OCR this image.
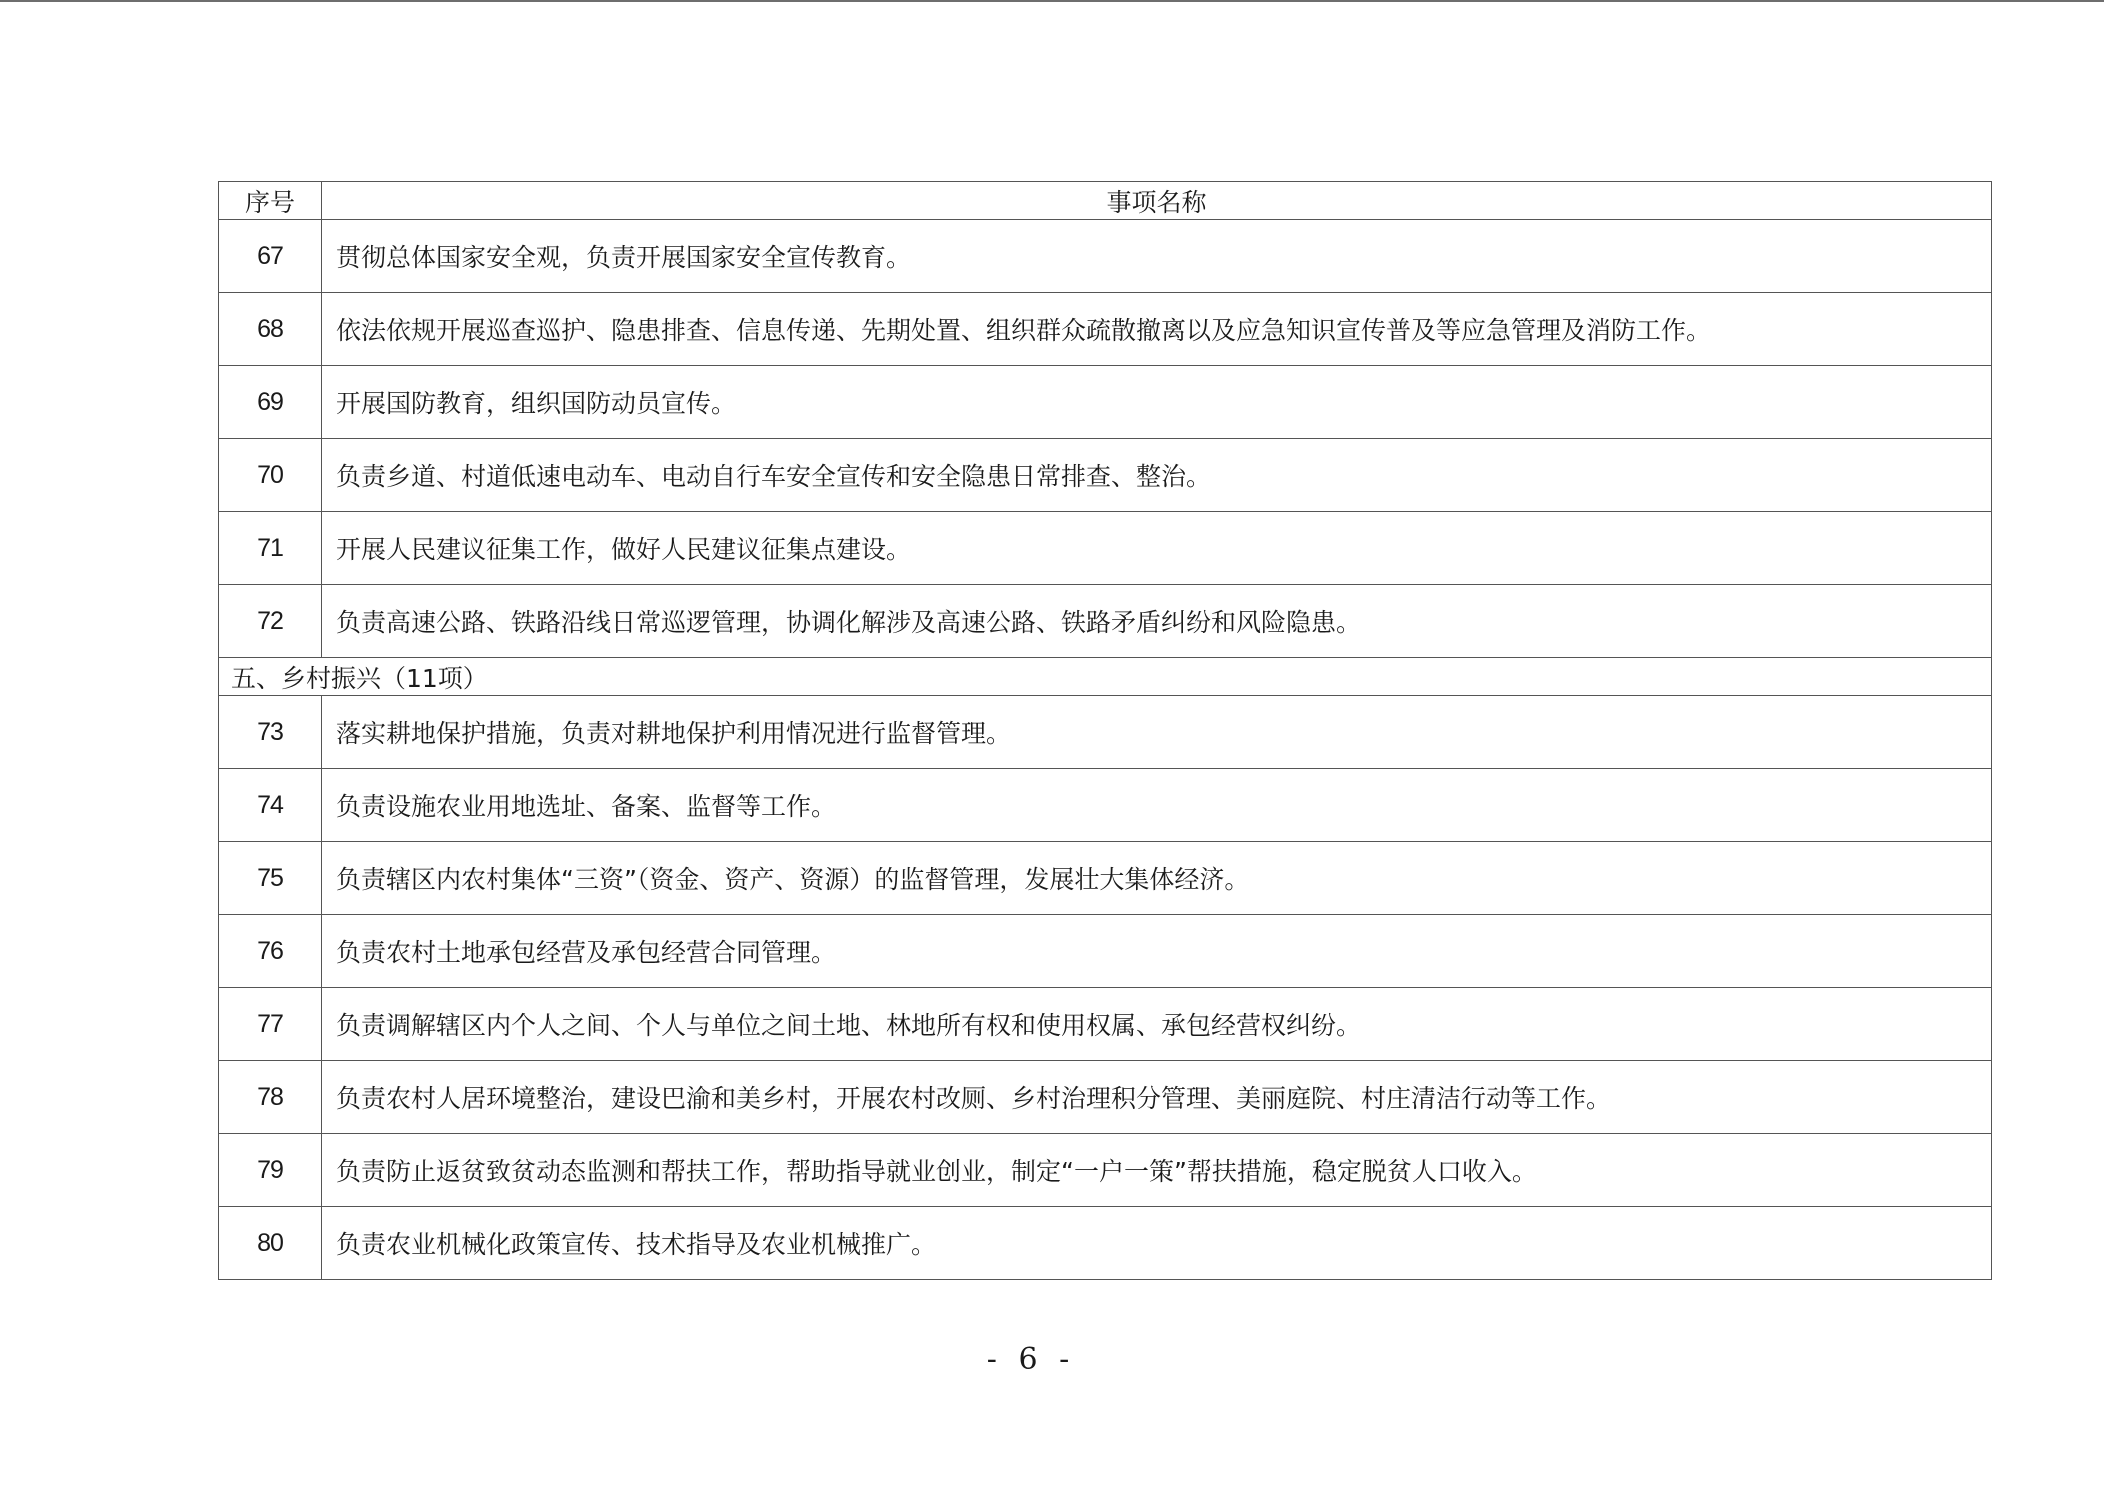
序号	事项名称
67	贯彻总体国家安全观，负责开展国家安全宣传教育。
68	依法依规开展巡查巡护、隐患排查、信息传递、先期处置、组织群众疏散撤离以及应急知识宣传普及等应急管理及消防工作。
69	开展国防教育，组织国防动员宣传。
70	负责乡道、村道低速电动车、电动自行车安全宣传和安全隐患日常排查、整治。
71	开展人民建议征集工作，做好人民建议征集点建设。
72	负责高速公路、铁路沿线日常巡逻管理，协调化解涉及高速公路、铁路矛盾纠纷和风险隐患。
五、乡村振兴（11项）	
73	落实耕地保护措施，负责对耕地保护利用情况进行监督管理。
74	负责设施农业用地选址、备案、监督等工作。
75	负责辖区内农村集体“三资”（资金、资产、资源）的监督管理，发展壮大集体经济。
76	负责农村土地承包经营及承包经营合同管理。
77	负责调解辖区内个人之间、个人与单位之间土地、林地所有权和使用权属、承包经营权纠纷。
78	负责农村人居环境整治，建设巴渝和美乡村，开展农村改厕、乡村治理积分管理、美丽庭院、村庄清洁行动等工作。
79	负责防止返贫致贫动态监测和帮扶工作，帮助指导就业创业，制定“一户一策”帮扶措施，稳定脱贫人口收入。
80	负责农业机械化政策宣传、技术指导及农业机械推广。
- 6 -
